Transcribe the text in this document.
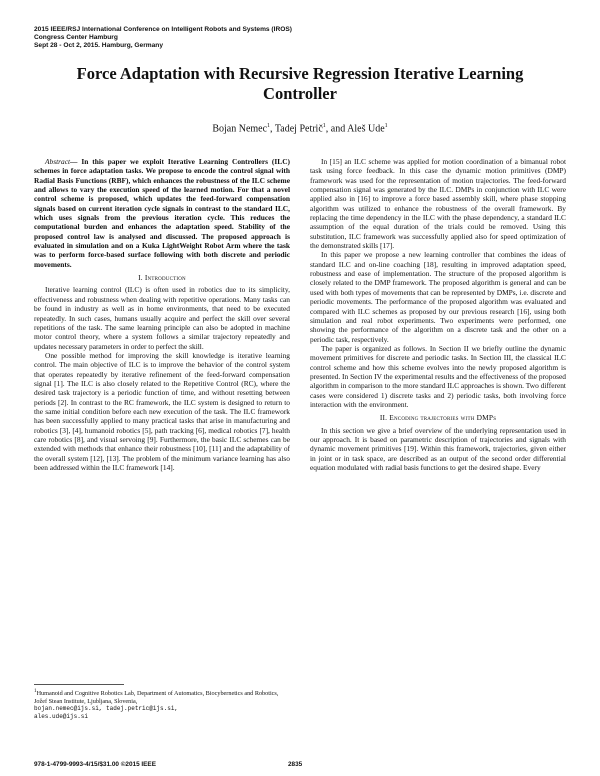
2015 IEEE/RSJ International Conference on Intelligent Robots and Systems (IROS)
Congress Center Hamburg
Sept 28 - Oct 2, 2015. Hamburg, Germany
Force Adaptation with Recursive Regression Iterative Learning Controller
Bojan Nemec$^1$, Tadej Petrič$^1$, and Aleš Ude$^1$

Abstract— In this paper we exploit Iterative Learning Controllers (ILC) schemes in force adaptation tasks. We propose to encode the control signal with Radial Basis Functions (RBF), which enhances the robustness of the ILC scheme and allows to vary the execution speed of the learned motion. For that a novel control scheme is proposed, which updates the feed-forward compensation signals based on current iteration cycle signals in contrast to the standard ILC, which uses signals from the previous iteration cycle. This reduces the computational burden and enhances the adaptation speed. Stability of the proposed control law is analysed and discussed. The proposed approach is evaluated in simulation and on a Kuka LightWeight Robot Arm where the task was to perform force-based surface following with both discrete and periodic movements.

I. Introduction

Iterative learning control (ILC) is often used in robotics due to its simplicity, effectiveness and robustness when dealing with repetitive operations. Many tasks can be found in industry as well as in home environments, that need to be executed repeatedly. In such cases, humans usually acquire and perfect the skill over several repetitions of the task. The same learning principle can also be adopted in machine motor control theory, where a system follows a similar trajectory repeatedly and updates necessary parameters in order to perfect the skill.

One possible method for improving the skill knowledge is iterative learning control. The main objective of ILC is to improve the behavior of the control system that operates repeatedly by iterative refinement of the feed-forward compensation signal [1]. The ILC is also closely related to the Repetitive Control (RC), where the desired task trajectory is a periodic function of time, and without resetting between periods [2]. In contrast to the RC framework, the ILC system is designed to return to the same initial condition before each new execution of the task. The ILC framework has been successfully applied to many practical tasks that arise in manufacturing and robotics [3], [4], humanoid robotics [5], path tracking [6], medical robotics [7], health care robotics [8], and visual servoing [9]. Furthermore, the basic ILC schemes can be extended with methods that enhance their robustness [10], [11] and the adaptability of the overall system [12], [13]. The problem of the minimum variance learning has also been addressed within the ILC framework [14].

In [15] an ILC scheme was applied for motion coordination of a bimanual robot task using force feedback. In this case the dynamic motion primitives (DMP) framework was used for the representation of motion trajectories. The feed-forward compensation signal was generated by the ILC. DMPs in conjunction with ILC were applied also in [16] to improve a force based assembly skill, where phase stopping algorithm was utilized to enhance the robustness of the overall framework. By replacing the time dependency in the ILC with the phase dependency, a standard ILC assumption of the equal duration of the trials could be removed. Using this substitution, ILC framework was successfully applied also for speed optimization of the demonstrated skills [17].

In this paper we propose a new learning controller that combines the ideas of standard ILC and on-line coaching [18], resulting in improved adaptation speed, robustness and ease of implementation. The structure of the proposed algorithm is closely related to the DMP framework. The proposed algorithm is general and can be used with both types of movements that can be represented by DMPs, i.e. discrete and periodic movements. The performance of the proposed algorithm was evaluated and compared with ILC schemes as proposed by our previous research [16], using both simulation and real robot experiments. Two experiments were performed, one showing the performance of the algorithm on a discrete task and the other on a periodic task, respectively.

The paper is organized as follows. In Section II we briefly outline the dynamic movement primitives for discrete and periodic tasks. In Section III, the classical ILC control scheme and how this scheme evolves into the newly proposed algorithm is presented. In Section IV the experimental results and the effectiveness of the proposed algorithm in comparison to the more standard ILC approaches is shown. Two different cases were considered 1) discrete tasks and 2) periodic tasks, both involving force interaction with the environment.

II. Encoding trajectories with DMPs

In this section we give a brief overview of the underlying representation used in our approach. It is based on parametric description of trajectories and signals with dynamic movement primitives [19]. Within this framework, trajectories, given either in joint or in task space, are described as an output of the second order differential equation modulated with radial basis functions to get the desired shape. Every

$^1$Humanoid and Cognitive Robotics Lab, Department of Automatics, Biocybernetics and Robotics, Jožef Stean Institute, Ljubljana, Slovenia,
bojan.nemec@ijs.si, tadej.petric@ijs.si,
ales.ude@ijs.si
978-1-4799-9993-4/15/$31.00 ©2015 IEEE	2835
